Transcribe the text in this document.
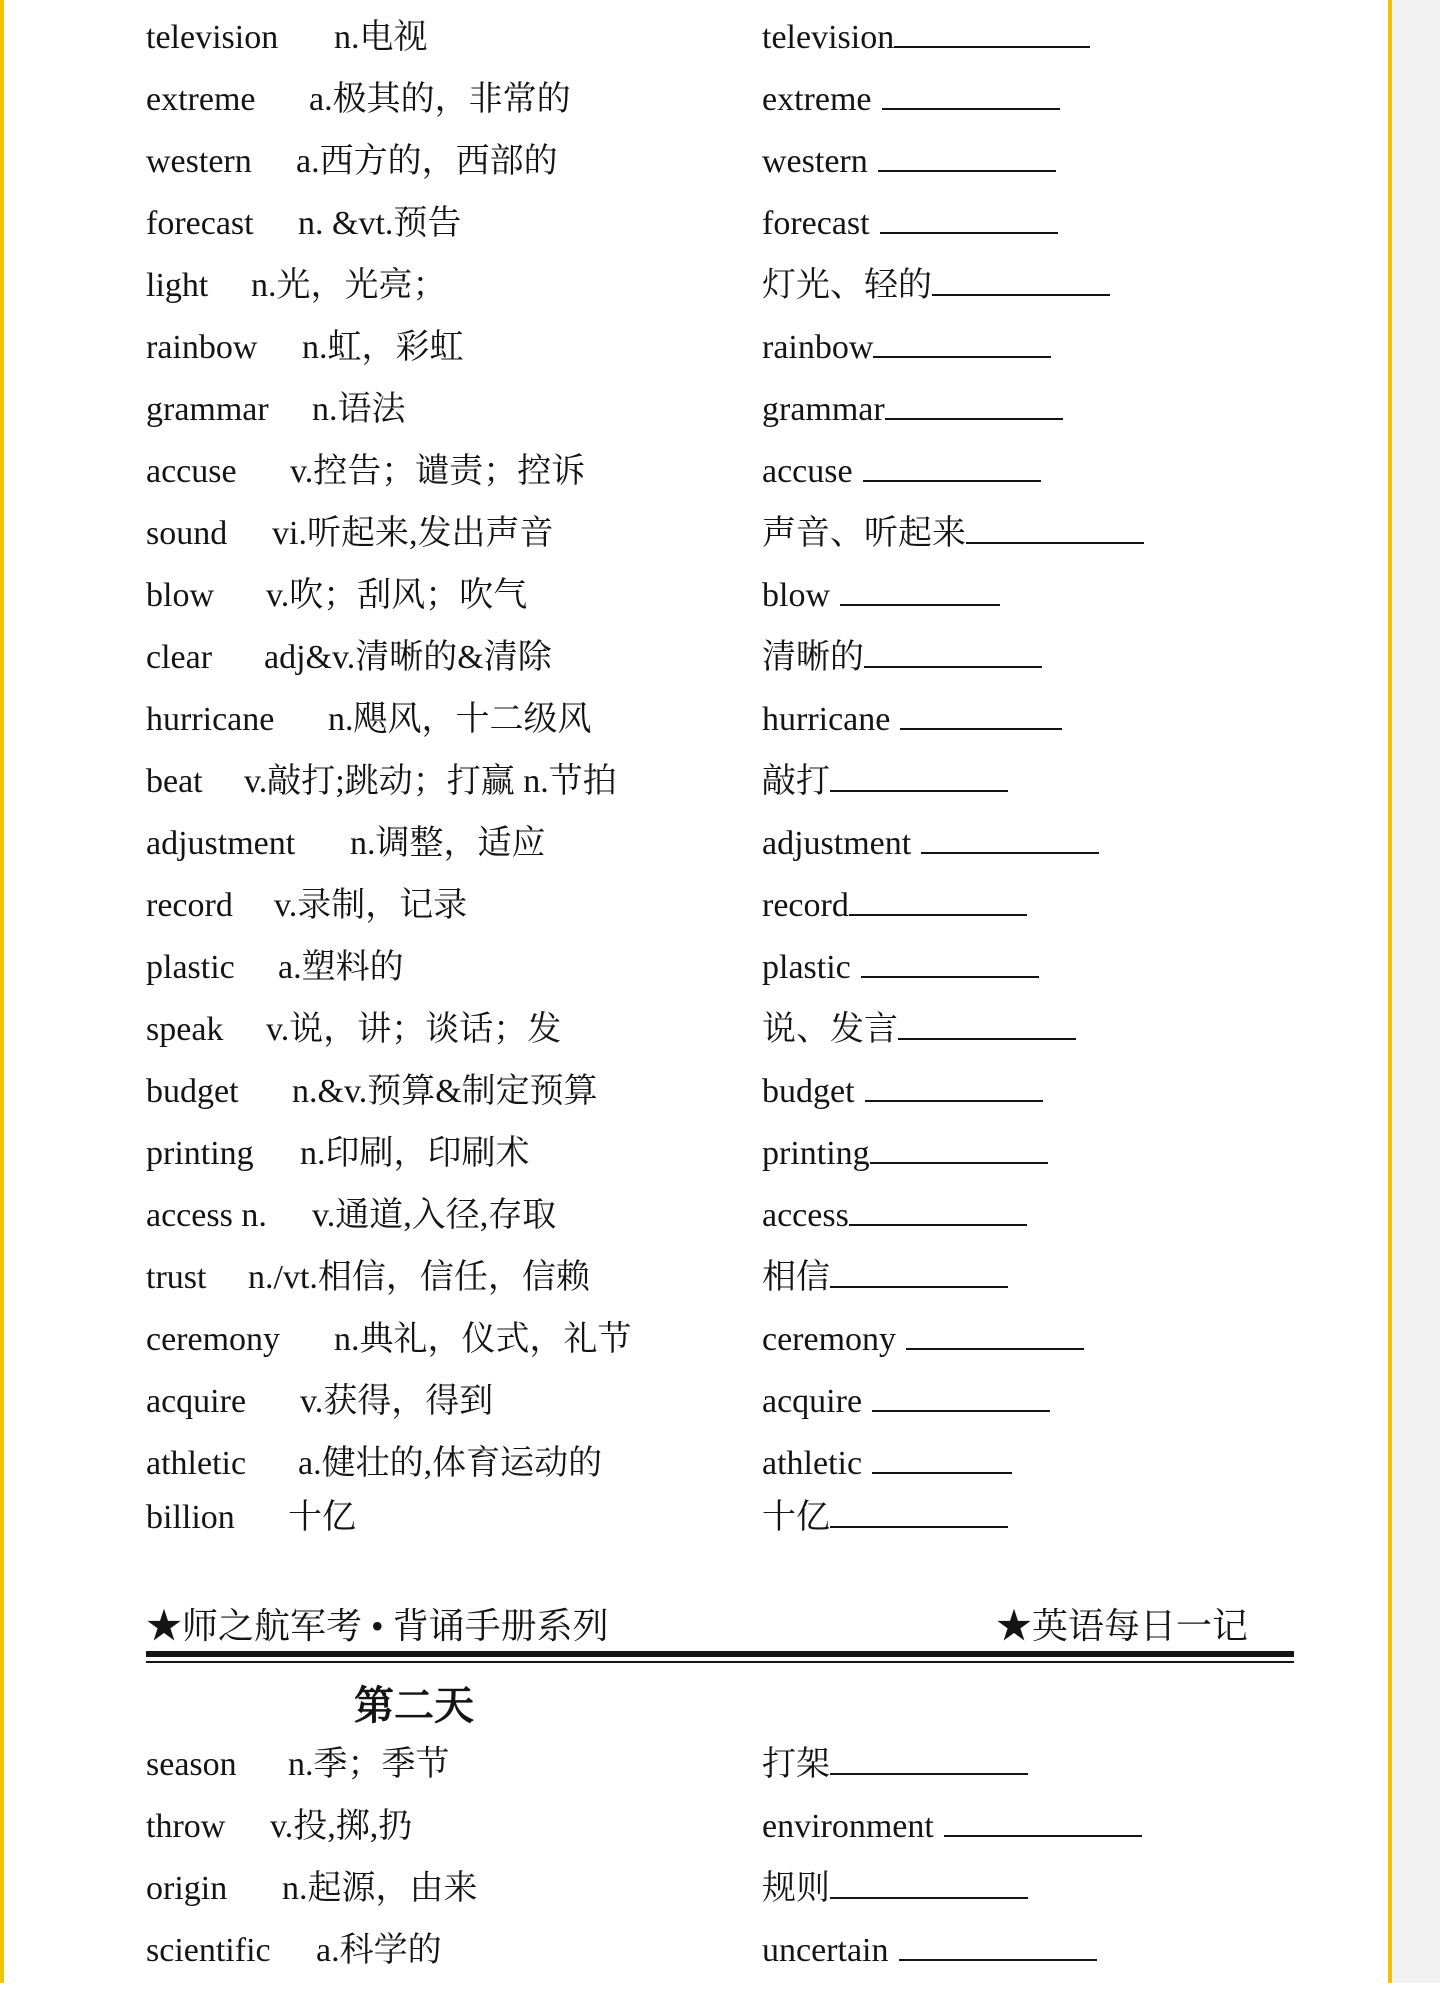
television n.电视	television
extreme a.极其的，非常的	extreme
western a.西方的，西部的	western
forecast n. &vt.预告	forecast
light n.光，光亮；	灯光、轻的
rainbow n.虹，彩虹	rainbow
grammar n.语法	grammar
accuse v.控告；谴责；控诉	accuse
sound vi.听起来,发出声音	声音、听起来
blow v.吹；刮风；吹气	blow
clear adj&v.清晰的&清除	清晰的
hurricane n.飓风，十二级风	hurricane
beat v.敲打;跳动；打赢 n.节拍	敲打
adjustment n.调整，适应	adjustment
record v.录制，记录	record
plastic a.塑料的	plastic
speak v.说，讲；谈话；发	说、发言
budget n.&v.预算&制定预算	budget
printing n.印刷，印刷术	printing
access n. v.通道,入径,存取	access
trust n./vt.相信，信任，信赖	相信
ceremony n.典礼，仪式，礼节	ceremony
acquire v.获得，得到	acquire
athletic a.健壮的,体育运动的	athletic
billion 十亿	十亿
★师之航军考 • 背诵手册系列	★英语每日一记
第二天
season n.季；季节	打架
throw v.投,掷,扔	environment
origin n.起源，由来	规则
scientific a.科学的	uncertain
